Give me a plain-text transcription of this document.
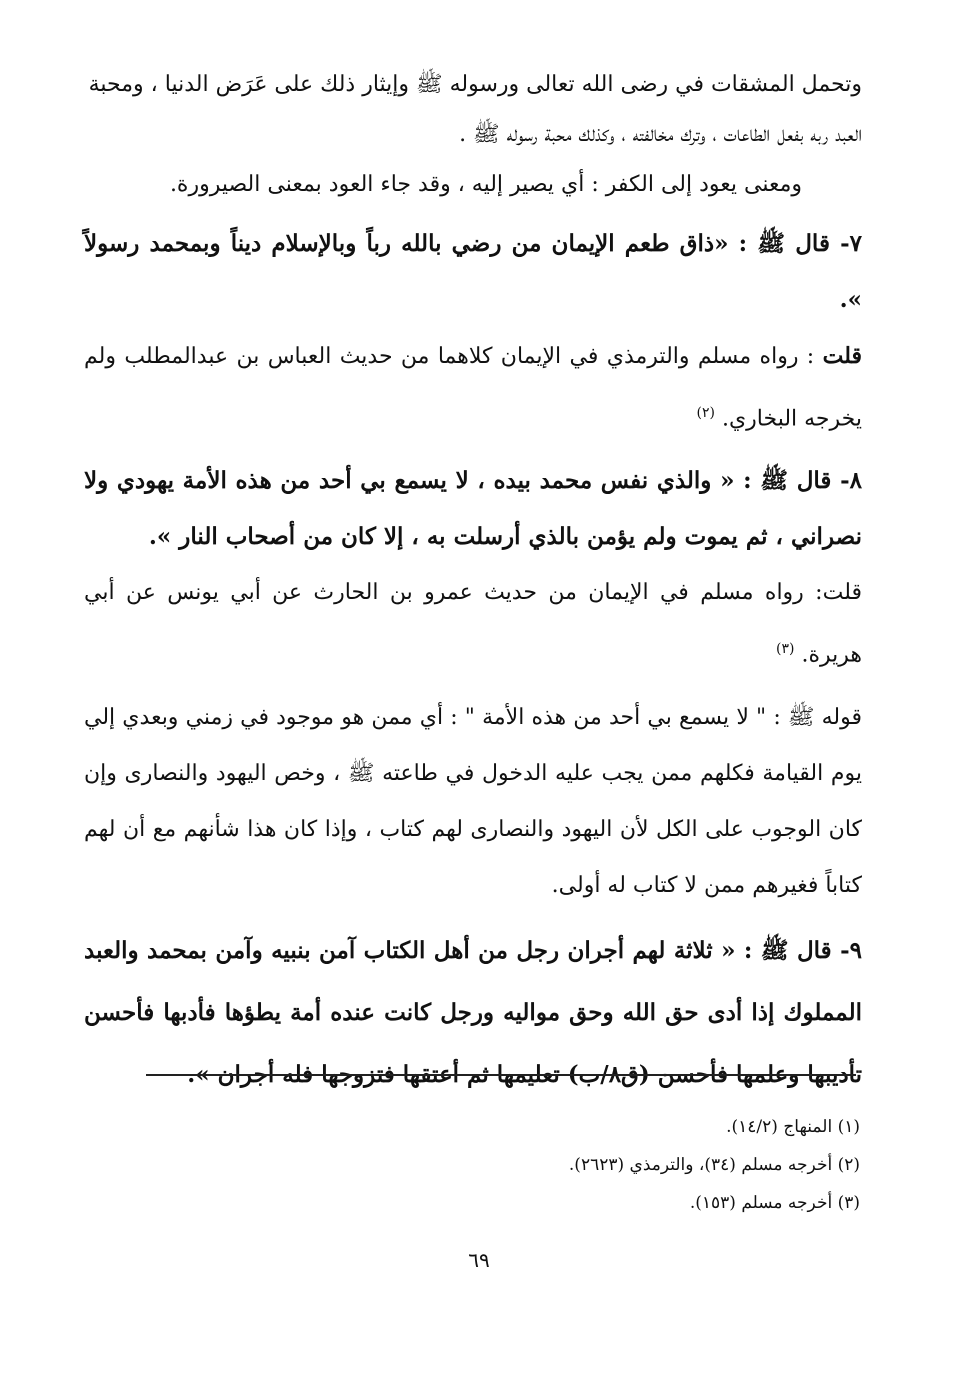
وتحمل المشقات في رضى الله تعالى ورسوله ﷺ وإيثار ذلك على عَرَض الدنيا ، ومحبة

العبد ربه بفعل الطاعات ، وترك مخالفته ، وكذلك محبة رسوله ﷺ .

ومعنى يعود إلى الكفر : أي يصير إليه ، وقد جاء العود بمعنى الصيرورة.

٧- قال ﷺ : «ذاق طعم الإيمان من رضي بالله رباً وبالإسلام ديناً وبمحمد رسولاً ».

قلت : رواه مسلم والترمذي في الإيمان كلاهما من حديث العباس بن عبدالمطلب ولم يخرجه البخاري. $^{(٢)}$

٨- قال ﷺ : « والذي نفس محمد بيده ، لا يسمع بي أحد من هذه الأمة يهودي ولا نصراني ، ثم يموت ولم يؤمن بالذي أرسلت به ، إلا كان من أصحاب النار ».

قلت: رواه مسلم في الإيمان من حديث عمرو بن الحارث عن أبي يونس عن أبي هريرة. $^{(٣)}$

قوله ﷺ : " لا يسمع بي أحد من هذه الأمة " : أي ممن هو موجود في زمني وبعدي إلي يوم القيامة فكلهم ممن يجب عليه الدخول في طاعته ﷺ ، وخص اليهود والنصارى وإن كان الوجوب على الكل لأن اليهود والنصارى لهم كتاب ، وإذا كان هذا شأنهم مع أن لهم كتاباً فغيرهم ممن لا كتاب له أولى.

٩- قال ﷺ : « ثلاثة لهم أجران رجل من أهل الكتاب آمن بنبيه وآمن بمحمد والعبد المملوك إذا أدى حق الله وحق مواليه ورجل كانت عنده أمة يطؤها فأدبها فأحسن تأديبها وعلمها فأحسن (ق٨/ب) تعليمها ثم أعتقها فتزوجها فله أجران ».

(١) المنهاج (١٤/٢).

(٢) أخرجه مسلم (٣٤)، والترمذي (٢٦٢٣).

(٣) أخرجه مسلم (١٥٣).

٦٩
